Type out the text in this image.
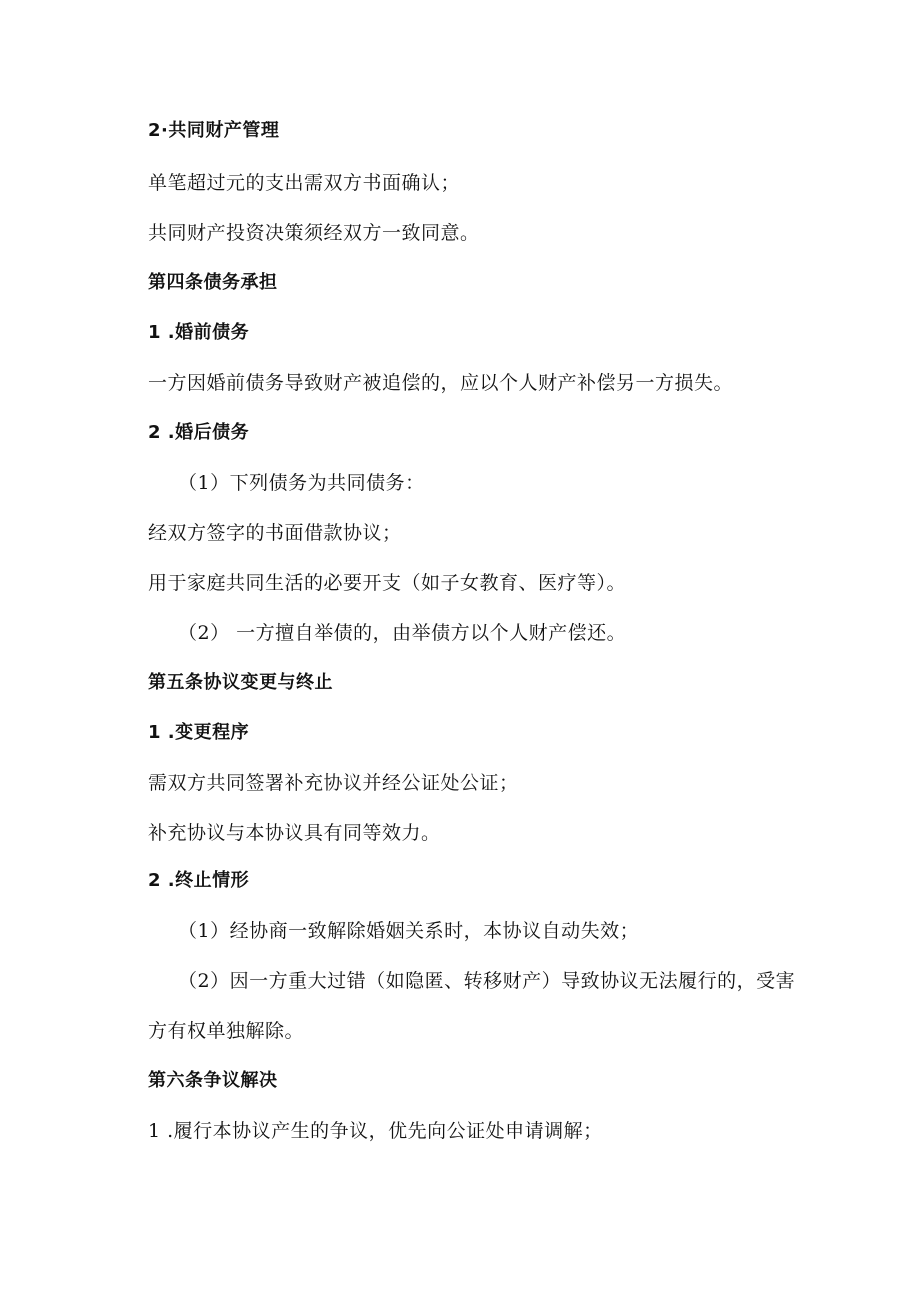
2·共同财产管理
单笔超过元的支出需双方书面确认；
共同财产投资决策须经双方一致同意。
第四条债务承担
1 .婚前债务
一方因婚前债务导致财产被追偿的，应以个人财产补偿另一方损失。
2 .婚后债务
（1）下列债务为共同债务：
经双方签字的书面借款协议；
用于家庭共同生活的必要开支（如子女教育、医疗等）。
（2） 一方擅自举债的，由举债方以个人财产偿还。
第五条协议变更与终止
1 .变更程序
需双方共同签署补充协议并经公证处公证；
补充协议与本协议具有同等效力。
2 .终止情形
（1）经协商一致解除婚姻关系时，本协议自动失效；
（2）因一方重大过错（如隐匿、转移财产）导致协议无法履行的，受害
方有权单独解除。
第六条争议解决
1 .履行本协议产生的争议，优先向公证处申请调解；
